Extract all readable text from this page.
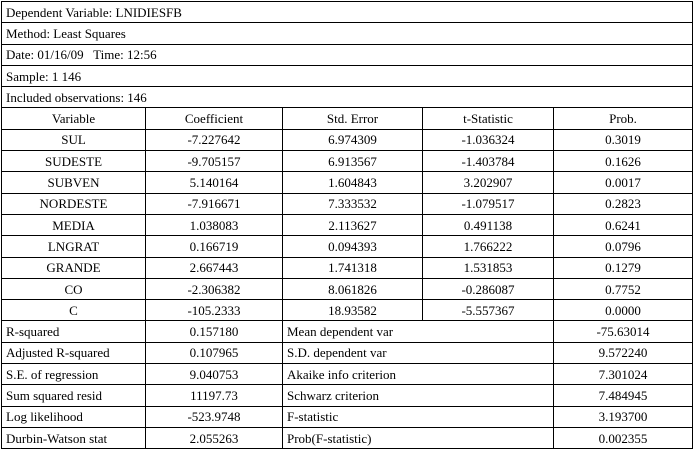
Dependent Variable: LNIDIESFB				
Method: Least Squares				
Date: 01/16/09   Time: 12:56				
Sample: 1 146				
Included observations: 146				
Variable	Coefficient	Std. Error	t-Statistic	Prob.
SUL	-7.227642	6.974309	-1.036324	0.3019
SUDESTE	-9.705157	6.913567	-1.403784	0.1626
SUBVEN	5.140164	1.604843	3.202907	0.0017
NORDESTE	-7.916671	7.333532	-1.079517	0.2823
MEDIA	1.038083	2.113627	0.491138	0.6241
LNGRAT	0.166719	0.094393	1.766222	0.0796
GRANDE	2.667443	1.741318	1.531853	0.1279
CO	-2.306382	8.061826	-0.286087	0.7752
C	-105.2333	18.93582	-5.557367	0.0000
R-squared	0.157180	Mean dependent var		-75.63014
Adjusted R-squared	0.107965	S.D. dependent var		9.572240
S.E. of regression	9.040753	Akaike info criterion		7.301024
Sum squared resid	11197.73	Schwarz criterion		7.484945
Log likelihood	-523.9748	F-statistic		3.193700
Durbin-Watson stat	2.055263	Prob(F-statistic)		0.002355
